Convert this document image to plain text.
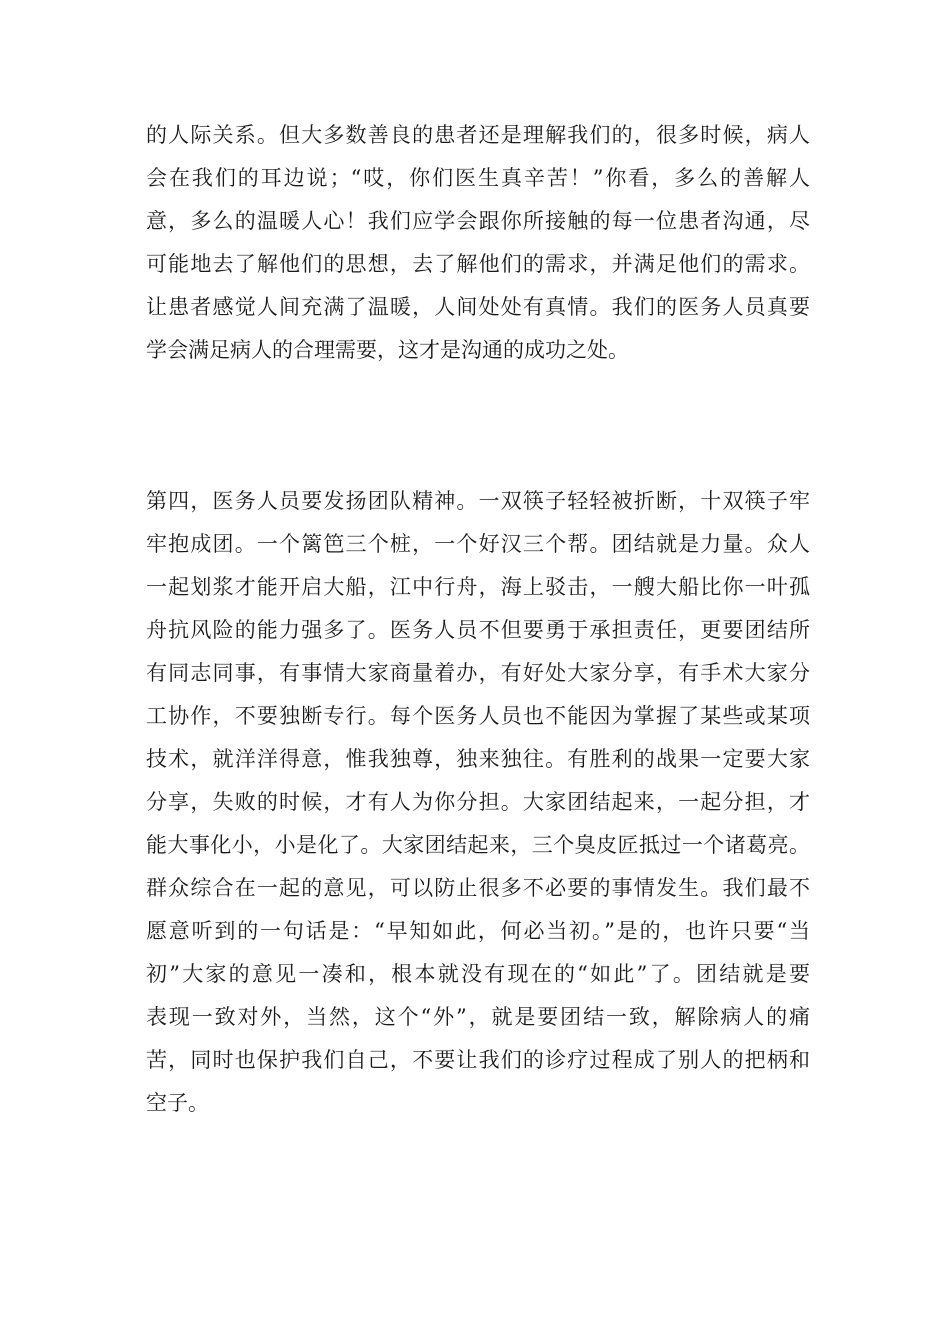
的人际关系。但大多数善良的患者还是理解我们的，很多时候，病人
会在我们的耳边说；“哎，你们医生真辛苦！”你看，多么的善解人
意，多么的温暖人心！我们应学会跟你所接触的每一位患者沟通，尽
可能地去了解他们的思想，去了解他们的需求，并满足他们的需求。
让患者感觉人间充满了温暖，人间处处有真情。我们的医务人员真要
学会满足病人的合理需要，这才是沟通的成功之处。
第四，医务人员要发扬团队精神。一双筷子轻轻被折断，十双筷子牢
牢抱成团。一个篱笆三个桩，一个好汉三个帮。团结就是力量。众人
一起划浆才能开启大船，江中行舟，海上驳击，一艘大船比你一叶孤
舟抗风险的能力强多了。医务人员不但要勇于承担责任，更要团结所
有同志同事，有事情大家商量着办，有好处大家分享，有手术大家分
工协作，不要独断专行。每个医务人员也不能因为掌握了某些或某项
技术，就洋洋得意，惟我独尊，独来独往。有胜利的战果一定要大家
分享，失败的时候，才有人为你分担。大家团结起来，一起分担，才
能大事化小，小是化了。大家团结起来，三个臭皮匠抵过一个诸葛亮。
群众综合在一起的意见，可以防止很多不必要的事情发生。我们最不
愿意听到的一句话是：“早知如此，何必当初。”是的，也许只要“当
初”大家的意见一凑和，根本就没有现在的“如此”了。团结就是要
表现一致对外，当然，这个“外”，就是要团结一致，解除病人的痛
苦，同时也保护我们自己，不要让我们的诊疗过程成了别人的把柄和
空子。
